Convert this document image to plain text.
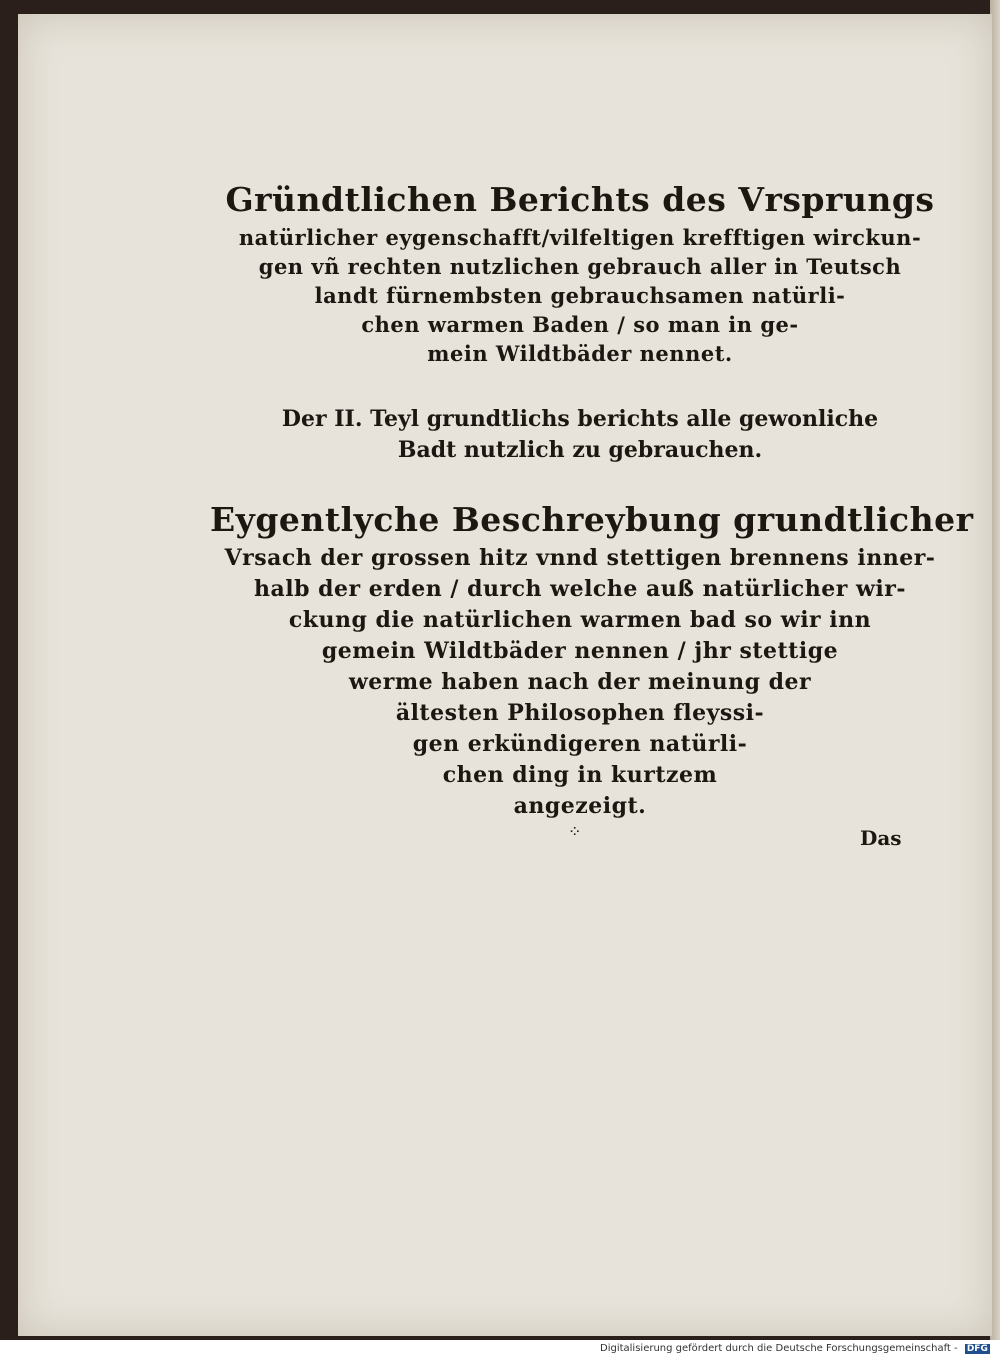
Gründtlichen Berichts des Vrsprungs
natürlicher eygenschafft/vilfeltigen krefftigen wirckun-
gen vñ rechten nutzlichen gebrauch aller in Teutsch
landt fürnembsten gebrauchsamen natürli-
chen warmen Baden / so man in ge-
mein Wildtbäder nennet.
Der II. Teyl grundtlichs berichts alle gewonliche
Badt nutzlich zu gebrauchen.
Eygentlyche Beschreybung grundtlicher
Vrsach der grossen hitz vnnd stettigen brennens inner-
halb der erden / durch welche auß natürlicher wir-
ckung die natürlichen warmen bad so wir inn
gemein Wildtbäder nennen / jhr stettige
werme haben nach der meinung der
ältesten Philosophen fleyssi-
gen erkündigeren natürli-
chen ding in kurtzem
angezeigt.
⁘	Das
Digitalisierung gefördert durch die Deutsche Forschungsgemeinschaft - DFG
